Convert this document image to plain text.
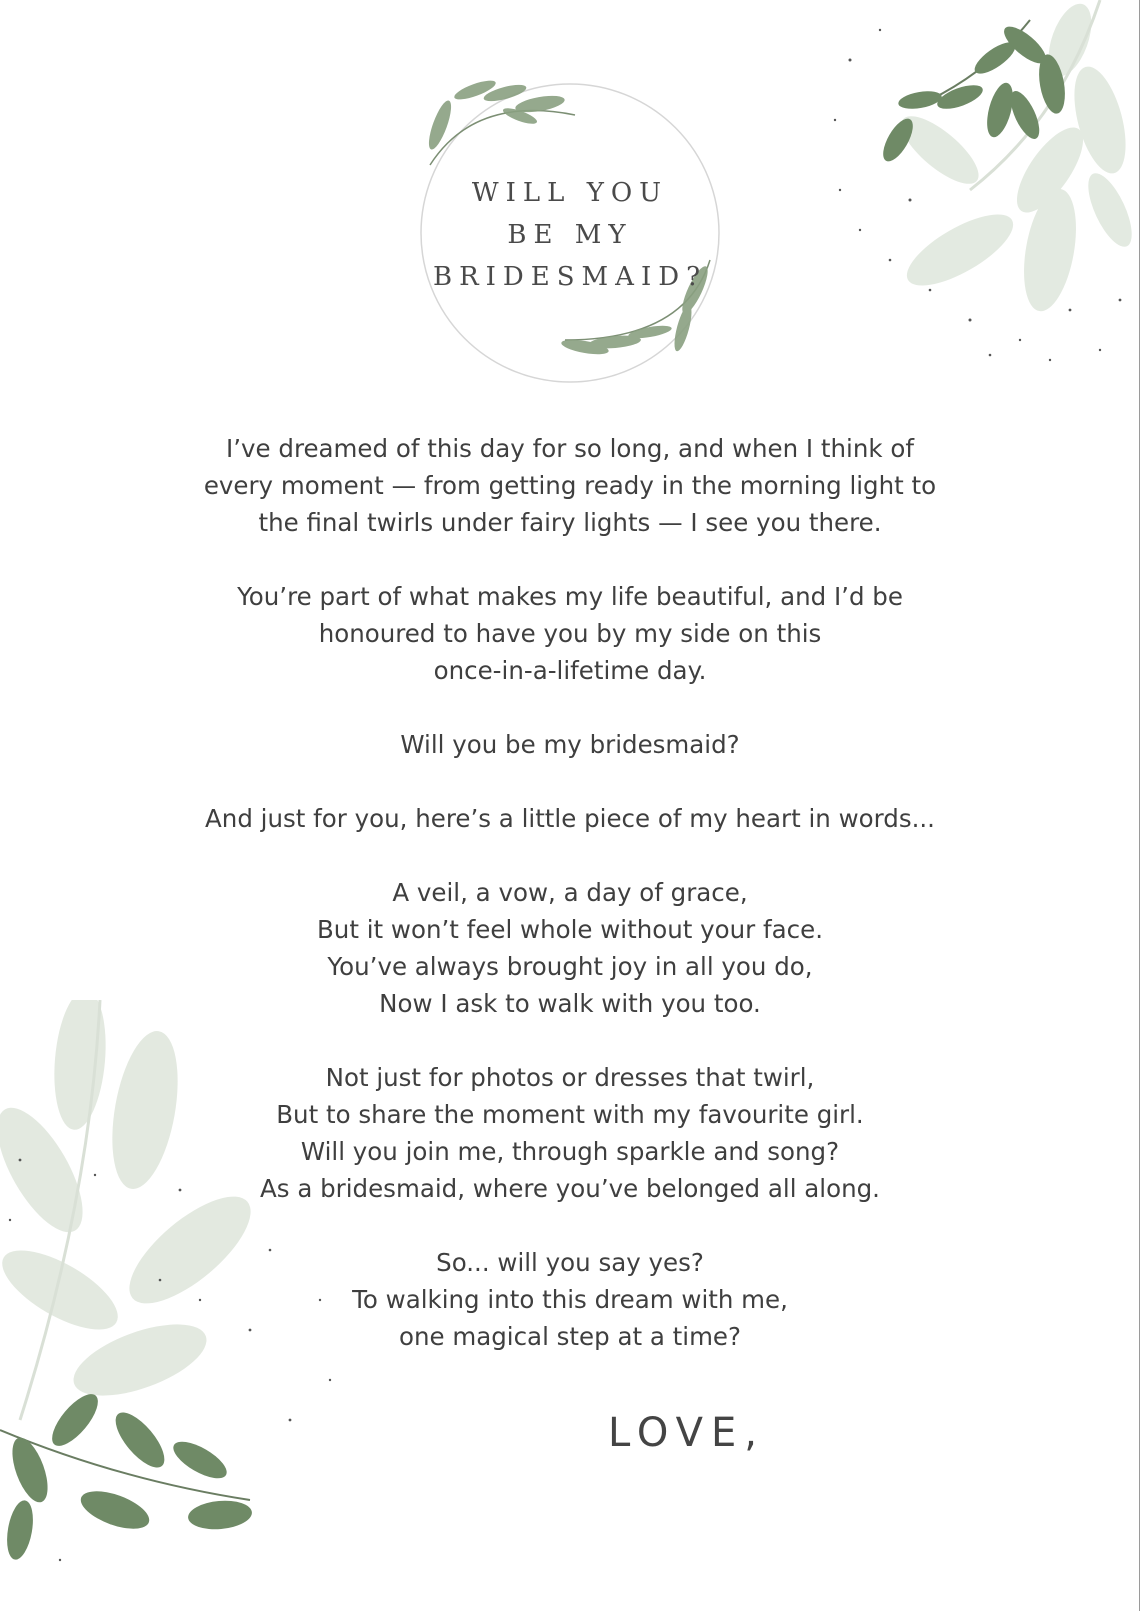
WILL YOU
BE MY
BRIDESMAID?
I’ve dreamed of this day for so long, and when I think of
every moment — from getting ready in the morning light to
the final twirls under fairy lights — I see you there.
You’re part of what makes my life beautiful, and I’d be
honoured to have you by my side on this
once-in-a-lifetime day.
Will you be my bridesmaid?
And just for you, here’s a little piece of my heart in words...
A veil, a vow, a day of grace,
But it won’t feel whole without your face.
You’ve always brought joy in all you do,
Now I ask to walk with you too.
Not just for photos or dresses that twirl,
But to share the moment with my favourite girl.
Will you join me, through sparkle and song?
As a bridesmaid, where you’ve belonged all along.
So... will you say yes?
To walking into this dream with me,
one magical step at a time?
LOVE,
